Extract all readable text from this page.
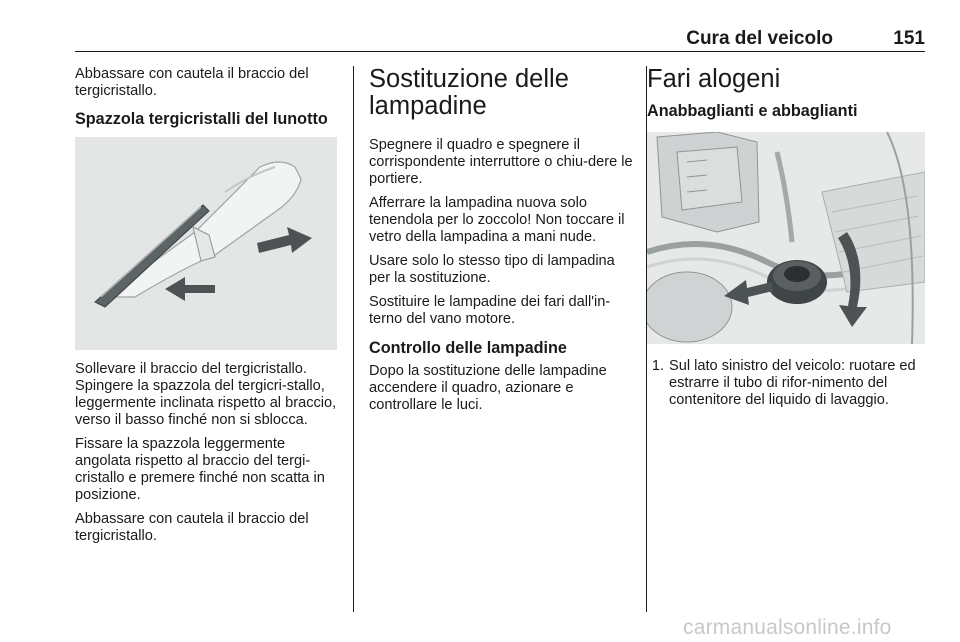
Cura del veicolo	151

Abbassare con cautela il braccio del tergicristallo.

Spazzola tergicristalli del lunotto

Sollevare il braccio del tergicristallo. Spingere la spazzola del tergicri-stallo, leggermente inclinata rispetto al braccio, verso il basso finché non si sblocca.

Fissare la spazzola leggermente angolata rispetto al braccio del tergi-cristallo e premere finché non scatta in posizione.

Abbassare con cautela il braccio del tergicristallo.

Sostituzione delle lampadine

Spegnere il quadro e spegnere il corrispondente interruttore o chiu-dere le portiere.

Afferrare la lampadina nuova solo tenendola per lo zoccolo! Non toccare il vetro della lampadina a mani nude.

Usare solo lo stesso tipo di lampadina per la sostituzione.

Sostituire le lampadine dei fari dall'in-terno del vano motore.

Controllo delle lampadine

Dopo la sostituzione delle lampadine accendere il quadro, azionare e controllare le luci.

Fari alogeni

Anabbaglianti e abbaglianti

1. Sul lato sinistro del veicolo: ruotare ed estrarre il tubo di rifor-nimento del contenitore del liquido di lavaggio.
carmanualsonline.info
